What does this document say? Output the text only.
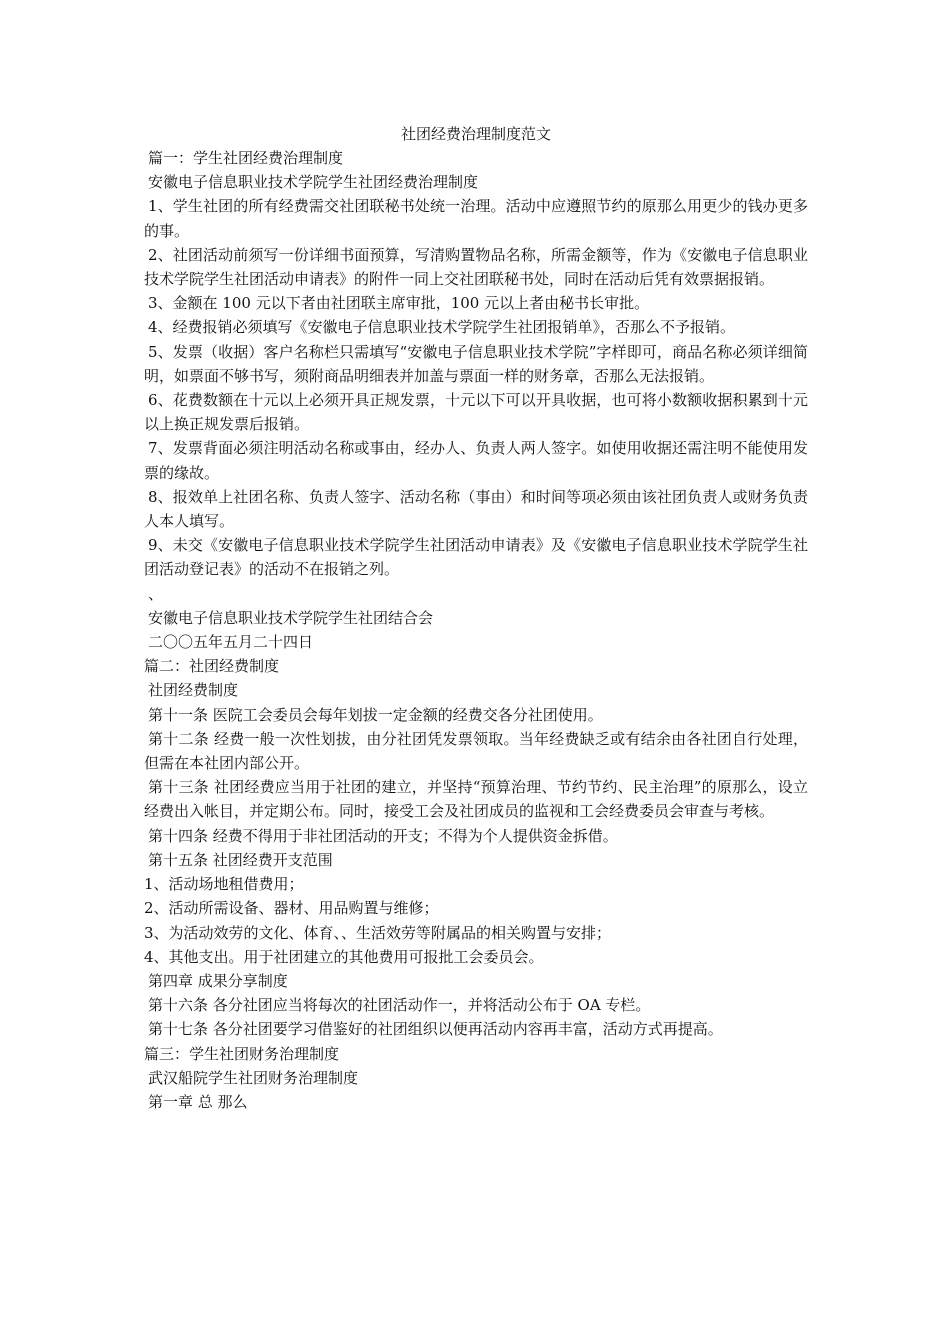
社团经费治理制度范文

篇一：学生社团经费治理制度

安徽电子信息职业技术学院学生社团经费治理制度

1、学生社团的所有经费需交社团联秘书处统一治理。活动中应遵照节约的原那么用更少的钱办更多的事。

2、社团活动前须写一份详细书面预算，写清购置物品名称，所需金额等，作为《安徽电子信息职业技术学院学生社团活动申请表》的附件一同上交社团联秘书处，同时在活动后凭有效票据报销。

3、金额在 100 元以下者由社团联主席审批，100 元以上者由秘书长审批。

4、经费报销必须填写《安徽电子信息职业技术学院学生社团报销单》，否那么不予报销。

5、发票（收据）客户名称栏只需填写“安徽电子信息职业技术学院”字样即可，商品名称必须详细简明，如票面不够书写，须附商品明细表并加盖与票面一样的财务章，否那么无法报销。

6、花费数额在十元以上必须开具正规发票，十元以下可以开具收据，也可将小数额收据积累到十元以上换正规发票后报销。

7、发票背面必须注明活动名称或事由，经办人、负责人两人签字。如使用收据还需注明不能使用发票的缘故。

8、报效单上社团名称、负责人签字、活动名称（事由）和时间等项必须由该社团负责人或财务负责人本人填写。

9、未交《安徽电子信息职业技术学院学生社团活动申请表》及《安徽电子信息职业技术学院学生社团活动登记表》的活动不在报销之列。

、

安徽电子信息职业技术学院学生社团结合会

二〇〇五年五月二十四日

篇二：社团经费制度

社团经费制度

第十一条 医院工会委员会每年划拔一定金额的经费交各分社团使用。

第十二条 经费一般一次性划拔，由分社团凭发票领取。当年经费缺乏或有结余由各社团自行处理，但需在本社团内部公开。

第十三条 社团经费应当用于社团的建立，并坚持“预算治理、节约节约、民主治理”的原那么，设立经费出入帐目，并定期公布。同时，接受工会及社团成员的监视和工会经费委员会审查与考核。

第十四条 经费不得用于非社团活动的开支；不得为个人提供资金拆借。

第十五条 社团经费开支范围

1、活动场地租借费用；

2、活动所需设备、器材、用品购置与维修；

3、为活动效劳的文化、体育、、生活效劳等附属品的相关购置与安排；

4、其他支出。用于社团建立的其他费用可报批工会委员会。

第四章 成果分享制度

第十六条 各分社团应当将每次的社团活动作一，并将活动公布于 OA 专栏。

第十七条 各分社团要学习借鉴好的社团组织以便再活动内容再丰富，活动方式再提高。

篇三：学生社团财务治理制度

武汉船院学生社团财务治理制度

第一章 总 那么
